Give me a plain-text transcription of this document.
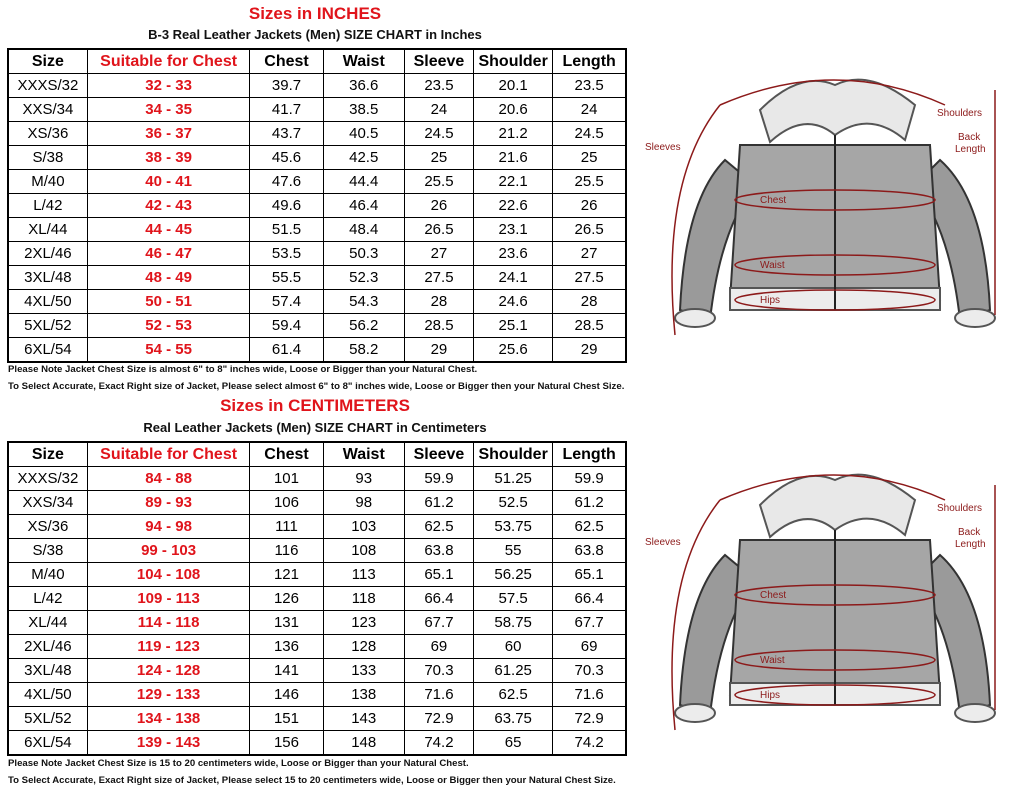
Sizes in INCHES
B-3 Real Leather Jackets (Men) SIZE CHART in Inches
Size	Suitable for Chest	Chest	Waist	Sleeve	Shoulder	Length
XXXS/32	32 - 33	39.7	36.6	23.5	20.1	23.5
XXS/34	34 - 35	41.7	38.5	24	20.6	24
XS/36	36 - 37	43.7	40.5	24.5	21.2	24.5
S/38	38 - 39	45.6	42.5	25	21.6	25
M/40	40 - 41	47.6	44.4	25.5	22.1	25.5
L/42	42 - 43	49.6	46.4	26	22.6	26
XL/44	44 - 45	51.5	48.4	26.5	23.1	26.5
2XL/46	46 - 47	53.5	50.3	27	23.6	27
3XL/48	48 - 49	55.5	52.3	27.5	24.1	27.5
4XL/50	50 - 51	57.4	54.3	28	24.6	28
5XL/52	52 - 53	59.4	56.2	28.5	25.1	28.5
6XL/54	54 - 55	61.4	58.2	29	25.6	29
Please Note Jacket Chest Size is almost 6" to 8" inches wide, Loose or Bigger than your Natural Chest.
To Select Accurate, Exact Right size of Jacket, Please select almost 6" to 8" inches wide, Loose or Bigger then your Natural Chest Size.
Sizes in CENTIMETERS
Real Leather Jackets (Men) SIZE CHART in Centimeters
Size	Suitable for Chest	Chest	Waist	Sleeve	Shoulder	Length
XXXS/32	84 - 88	101	93	59.9	51.25	59.9
XXS/34	89 - 93	106	98	61.2	52.5	61.2
XS/36	94 - 98	111	103	62.5	53.75	62.5
S/38	99 - 103	116	108	63.8	55	63.8
M/40	104 - 108	121	113	65.1	56.25	65.1
L/42	109 - 113	126	118	66.4	57.5	66.4
XL/44	114 - 118	131	123	67.7	58.75	67.7
2XL/46	119 - 123	136	128	69	60	69
3XL/48	124 - 128	141	133	70.3	61.25	70.3
4XL/50	129 - 133	146	138	71.6	62.5	71.6
5XL/52	134 - 138	151	143	72.9	63.75	72.9
6XL/54	139 - 143	156	148	74.2	65	74.2
Please Note Jacket Chest Size is 15 to 20 centimeters wide, Loose or Bigger than your Natural Chest.
To Select Accurate, Exact Right size of Jacket, Please select 15 to 20 centimeters wide, Loose or Bigger then your Natural Chest Size.
Shoulders
Back
Length
Sleeves
Chest
Waist
Hips
Shoulders
Back
Length
Sleeves
Chest
Waist
Hips
